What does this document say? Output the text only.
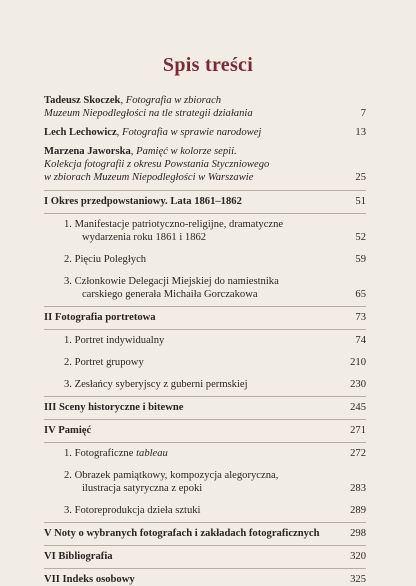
Spis treści
Tadeusz Skoczek, Fotografia w zbiorach
Muzeum Niepodległości na tle strategii działania	7
Lech Lechowicz, Fotografia w sprawie narodowej	13
Marzena Jaworska, Pamięć w kolorze sepii.
Kolekcja fotografii z okresu Powstania Styczniowego
w zbiorach Muzeum Niepodległości w Warszawie	25
I Okres przedpowstaniowy. Lata 1861–1862	51
1. Manifestacje patriotyczno-religijne, dramatyczne
wydarzenia roku 1861 i 1862	52
2. Pięciu Poległych	59
3. Członkowie Delegacji Miejskiej do namiestnika
carskiego generała Michaiła Gorczakowa	65
II Fotografia portretowa	73
1. Portret indywidualny	74
2. Portret grupowy	210
3. Zesłańcy syberyjscy z guberni permskiej	230
III Sceny historyczne i bitewne	245
IV Pamięć	271
1. Fotograficzne tableau	272
2. Obrazek pamiątkowy, kompozycja alegoryczna,
ilustracja satyryczna z epoki	283
3. Fotoreprodukcja dzieła sztuki	289
V Noty o wybranych fotografach i zakładach fotograficznych	298
VI Bibliografia	320
VII Indeks osobowy	325
